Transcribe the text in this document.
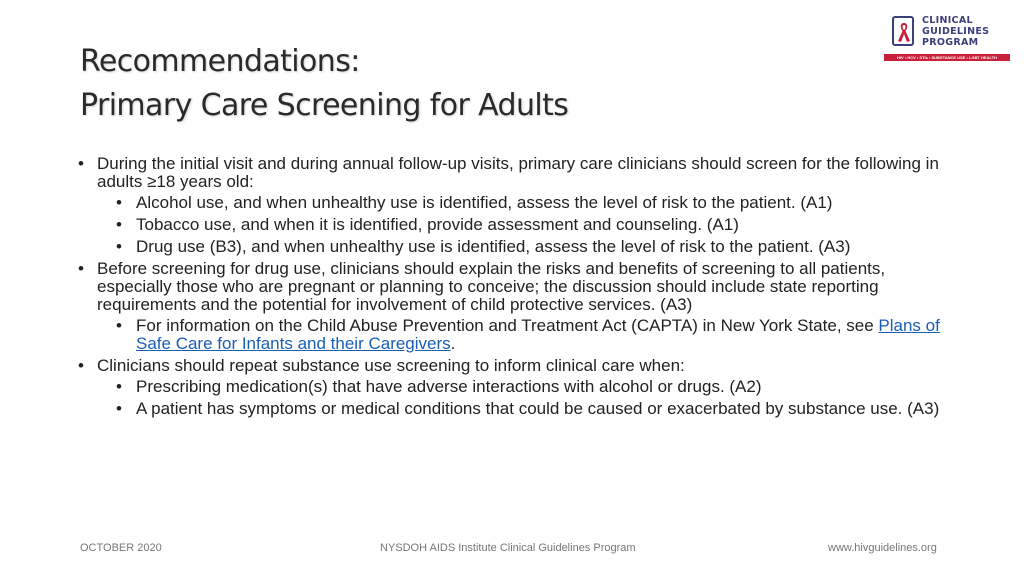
Recommendations:
Primary Care Screening for Adults
CLINICAL
GUIDELINES
PROGRAM
HIV • HCV • STIs • SUBSTANCE USE • LGBT HEALTH
• During the initial visit and during annual follow-up visits, primary care clinicians should screen for the following in adults ≥18 years old:
• Alcohol use, and when unhealthy use is identified, assess the level of risk to the patient. (A1)
• Tobacco use, and when it is identified, provide assessment and counseling. (A1)
• Drug use (B3), and when unhealthy use is identified, assess the level of risk to the patient. (A3)
• Before screening for drug use, clinicians should explain the risks and benefits of screening to all patients, especially those who are pregnant or planning to conceive; the discussion should include state reporting requirements and the potential for involvement of child protective services. (A3)
• For information on the Child Abuse Prevention and Treatment Act (CAPTA) in New York State, see Plans of Safe Care for Infants and their Caregivers.
• Clinicians should repeat substance use screening to inform clinical care when:
• Prescribing medication(s) that have adverse interactions with alcohol or drugs. (A2)
• A patient has symptoms or medical conditions that could be caused or exacerbated by substance use. (A3)
OCTOBER 2020	NYSDOH AIDS Institute Clinical Guidelines Program	www.hivguidelines.org
